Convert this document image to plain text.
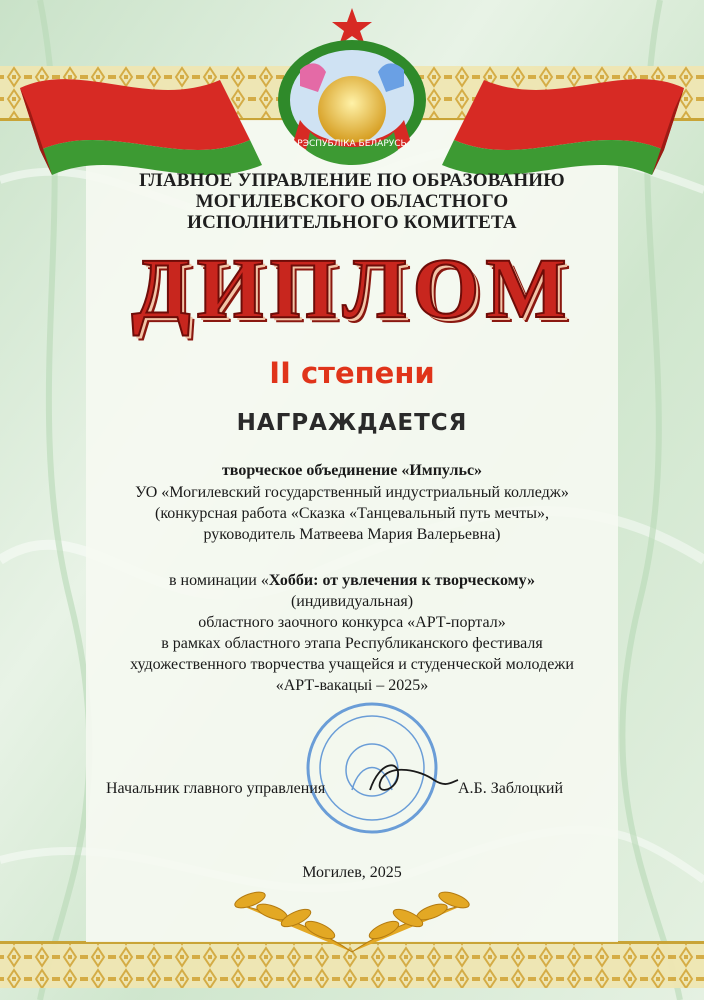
РЭСПУБЛІКА БЕЛАРУСЬ
ГЛАВНОЕ УПРАВЛЕНИЕ ПО ОБРАЗОВАНИЮ
МОГИЛЕВСКОГО ОБЛАСТНОГО
ИСПОЛНИТЕЛЬНОГО КОМИТЕТА
ДИПЛОМ
II степени
НАГРАЖДАЕТСЯ
творческое объединение «Импульс»
УО «Могилевский государственный индустриальный колледж»
(конкурсная работа «Сказка «Танцевальный путь мечты»,
руководитель Матвеева Мария Валерьевна)
в номинации «Хобби: от увлечения к творческому»
(индивидуальная)
областного заочного конкурса «АРТ-портал»
в рамках областного этапа Республиканского фестиваля
художественного творчества учащейся и студенческой молодежи
«АРТ-вакацыі – 2025»
Начальник главного управления	А.Б. Заблоцкий
Могилев, 2025
